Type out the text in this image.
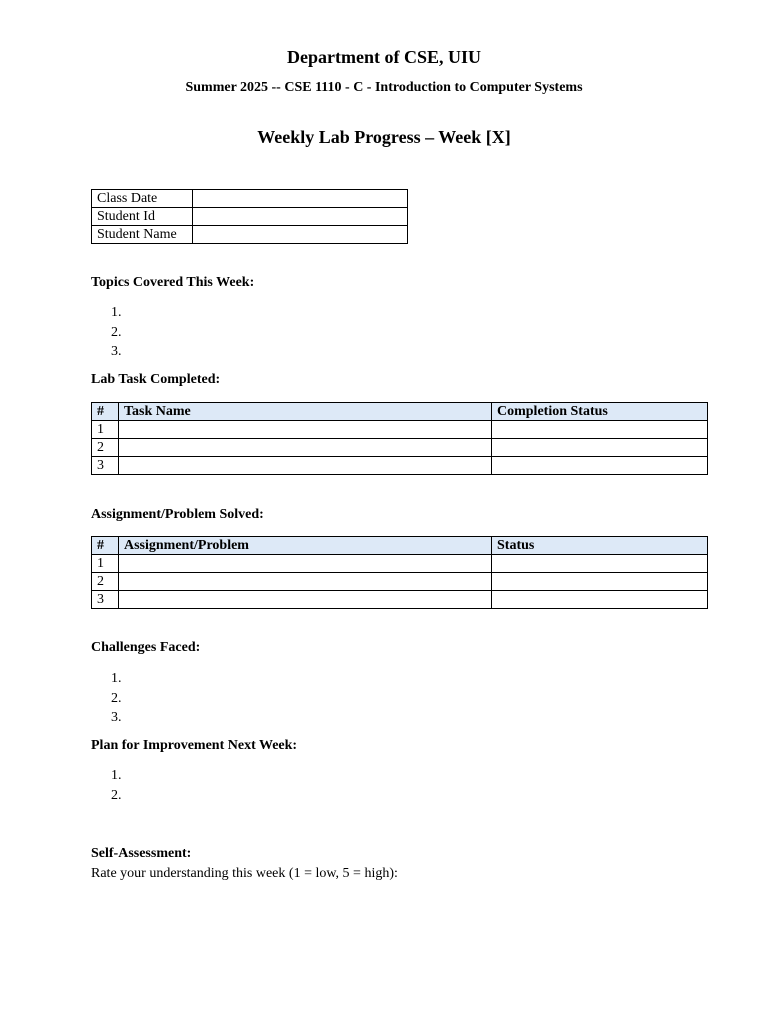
Department of CSE, UIU
Summer 2025 -- CSE 1110 - C - Introduction to Computer Systems
Weekly Lab Progress – Week [X]
Class Date	
Student Id	
Student Name	
Topics Covered This Week:
Lab Task Completed:
#	Task Name	Completion Status
1		
2		
3		
Assignment/Problem Solved:
#	Assignment/Problem	Status
1		
2		
3		
Challenges Faced:
Plan for Improvement Next Week:
Self-Assessment:
Rate your understanding this week (1 = low, 5 = high):
